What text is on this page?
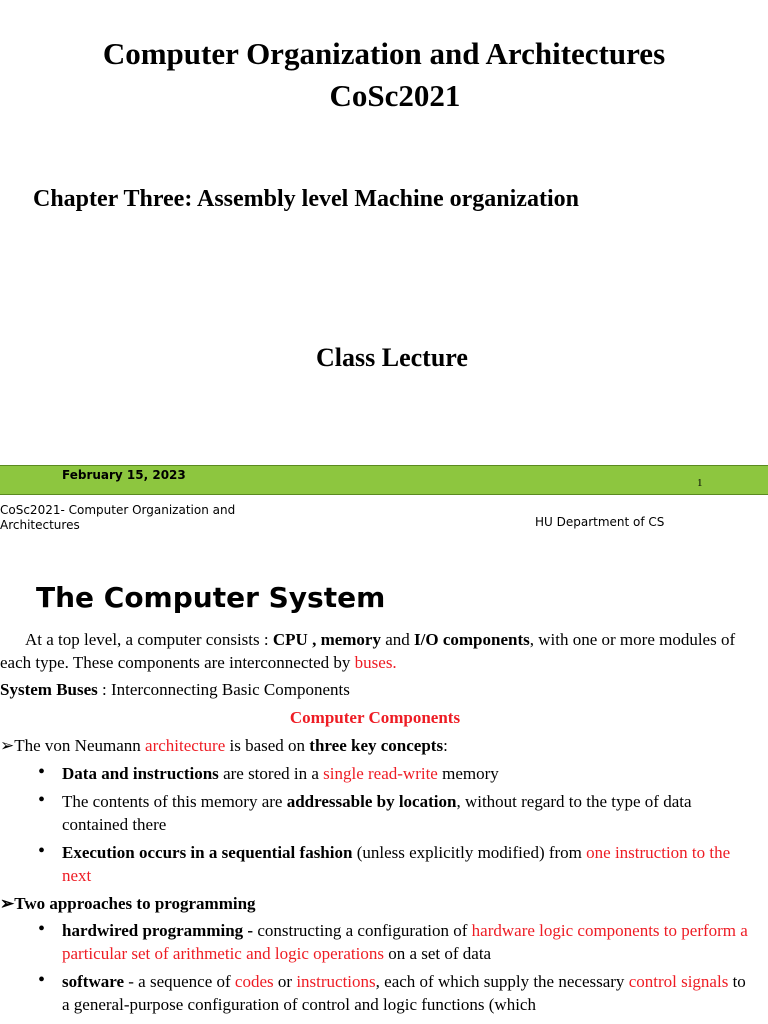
Computer Organization and Architectures
CoSc2021
Chapter Three: Assembly level Machine organization
Class Lecture
February 15, 2023
1
CoSc2021- Computer Organization and Architectures	HU Department of CS
The Computer System
At a top level, a computer consists : CPU , memory and I/O components, with one or more modules of each type. These components are interconnected by buses.
System Buses : Interconnecting Basic Components
Computer Components
➢The von Neumann architecture is based on three key concepts:
• Data and instructions are stored in a single read-write memory
• The contents of this memory are addressable by location, without regard to the type of data contained there
• Execution occurs in a sequential fashion (unless explicitly modified) from one instruction to the next
➢Two approaches to programming
• hardwired programming - constructing a configuration of hardware logic components to perform a particular set of arithmetic and logic operations on a set of data
• software - a sequence of codes or instructions, each of which supply the necessary control signals to a general-purpose configuration of control and logic functions (which
